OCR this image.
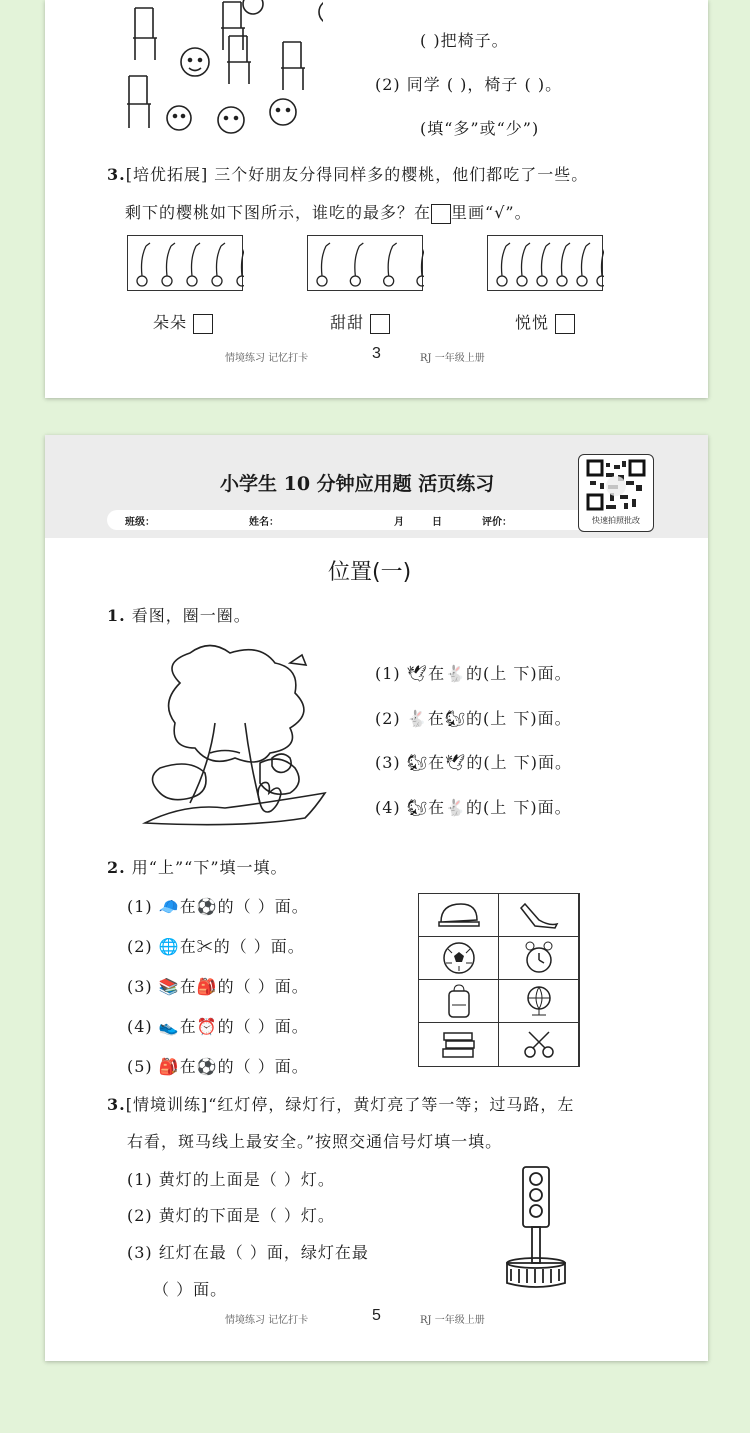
( )把椅子。
(2) 同学 ( )，椅子 ( )。
(填“多”或“少”)
3.[培优拓展] 三个好朋友分得同样多的樱桃，他们都吃了一些。
剩下的樱桃如下图所示，谁吃的最多？在 里画“√”。
朵朵	甜甜	悦悦
情境练习 记忆打卡	3	RJ 一年级上册
小学生 10 分钟应用题 活页练习
班级：	姓名：	月	日	评价：	快速拍照批改
位置(一)
1. 看图，圈一圈。
(1) 🕊在🐇的(上 下)面。
(2) 🐇在🐿的(上 下)面。
(3) 🐿在🕊的(上 下)面。
(4) 🐿在🐇的(上 下)面。
2. 用“上”“下”填一填。
(1) 🧢在⚽的（ ）面。
(2) 🌐在✂的（ ）面。
(3) 📚在🎒的（ ）面。
(4) 👟在⏰的（ ）面。
(5) 🎒在⚽的（ ）面。
3.[情境训练]“红灯停，绿灯行，黄灯亮了等一等；过马路，左
右看，斑马线上最安全。”按照交通信号灯填一填。
(1) 黄灯的上面是（ ）灯。
(2) 黄灯的下面是（ ）灯。
(3) 红灯在最（ ）面，绿灯在最
（ ）面。
情境练习 记忆打卡	5	RJ 一年级上册
